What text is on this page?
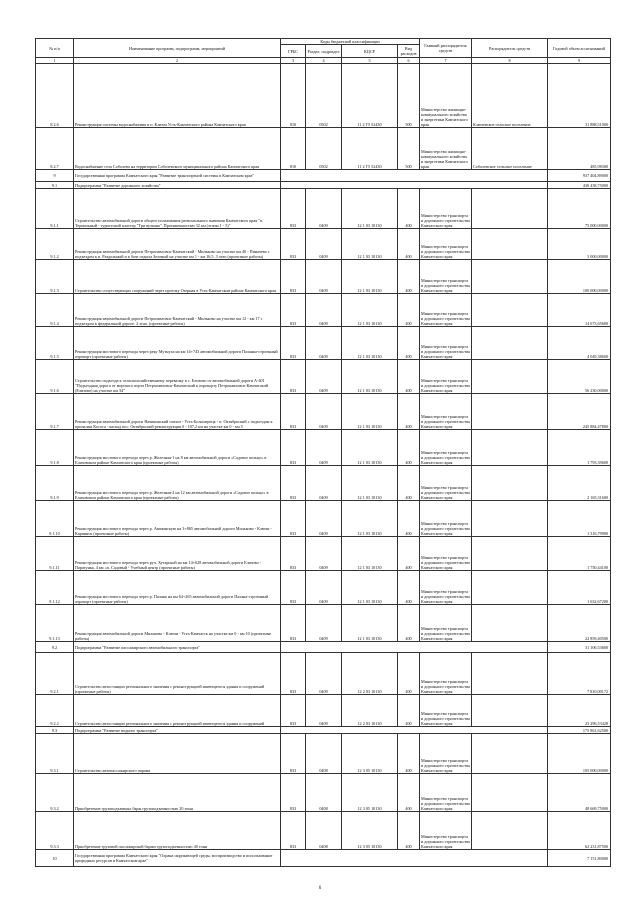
№ п/п	Наименование программ, подпрограмм, мероприятий	Коды бюджетной классификации				Главный распорядитель средств	Распорядитель средств	Годовой объем ассигнований
		ГРБС	Раздел, подраздел	КЦСР	Вид расходов			
1	2	3	4	5	6	7	8	9
8.2.6	Реконструкция системы водоснабжения в п. Ключи Усть-Камчатского района Камчатского края	810	0502	11 2 Г5 52430	500	Министерство жилищно-коммунального хозяйства и энергетики Камчатского края	Ключевское сельское поселение	31 888,51000
8.2.7	Водоснабжение села Соболево на территории Соболевского муниципального района Камчатского края	810	0502	11 2 Г5 52430	500	Министерство жилищно-коммунального хозяйства и энергетики Камчатского края	Соболевское сельское поселение	485,98300
9	Государственная программа Камчатского края "Развитие транспортной системы в Камчатском крае"							937 404,89000
9.1	Подпрограмма "Развитие дорожного хозяйства"							430 438,75000
9.1.1	Строительство автомобильной дороги общего пользования регионального значения Камчатского края "п. Термальный - туристский кластер "Три вулкана". Протяженностью 32 км (этапы 1 - 5)"	833	0409	12 1 03 10130	400	Министерство транспорта и дорожного строительства Камчатского края		75 000,00000
9.1.2	Реконструкция автомобильной дороги Петропавловск-Камчатский - Мильково на участке км 40 - Пиначево с подъездом к п. Раздольный и к базе отдыха Зеленый на участке км 1 - км 16,5. 3 этап (проектные работы)	833	0409	12 1 03 10130	400	Министерство транспорта и дорожного строительства Камчатского края		3 000,00000
9.1.3	Строительство сопутствующих сооружений через протоку Озерная в Усть-Камчатском районе Камчатского края	833	0409	12 1 03 10130	400	Министерство транспорта и дорожного строительства Камчатского края		100 000,00000
9.1.4	Реконструкция автомобильной дороги Петропавловск-Камчатский - Мильково на участке км 12 - км 17 с подъездом к федеральной дороге. 2 этап. (проектные работы)	833	0409	12 1 03 10130	400	Министерство транспорта и дорожного строительства Камчатского края		14 673,65600
9.1.5	Реконструкция мостового перехода через реку Мутнуха на км 14+743 автомобильной дороги Паланка-строенный аэропорт (проектные работы)	833	0409	12 1 03 10130	400	Министерство транспорта и дорожного строительства Камчатского края		4 049,38600
9.1.6	Строительство подъезда к сельскохозяйственному перевалку в с. Елизово от автомобильной дороги А-401 "Подъездная дорога от морского порта Петропавловск-Камчатский к аэропорту Петропавловск-Камчатский (Елизово) на участке км 34"	833	0409	12 1 03 10130	400	Министерство транспорта и дорожного строительства Камчатского края		56 230,00000
9.1.7	Реконструкция автомобильной дороги Начикинский совхоз - Усть-Большерецк - п. Октябрьский с подъездом к причалам Кососа - каскад пос. Октябрьский реконструкция 0 - 107,2 км на участке км 0 - км 5	833	0409	12 1 03 10130	400	Министерство транспорта и дорожного строительства Камчатского края		245 884,47800
9.1.8	Реконструкция мостового перехода через р. Железная-1 на 8 км автомобильной дороги «Садовое кольцо» в Елизовском районе Камчатского края (проектные работы)	833	0409	12 1 03 10130	400	Министерство транспорта и дорожного строительства Камчатского края		1 793,39600
9.1.9	Реконструкция мостового перехода через р. Железная-2 на 12 км автомобильной дороги «Садовое кольцо» в Елизовском районе Камчатского края (проектные работы)	833	0409	12 1 03 10130	400	Министерство транспорта и дорожного строительства Камчатского края		2 165,31600
9.1.10	Реконструкция мостового перехода через р. Авачинскую на 3+865 автомобильной дороги Мильково - Ключи - Карпинск (проектные работы)	833	0409	12 1 03 10130	400	Министерство транспорта и дорожного строительства Камчатского края		1 316,79900
9.1.11	Реконструкция мостового перехода через руч. Хутарской на км 14+628 автомобильной дороги Елизово - Паратунка, 4 км «п. Садовый - Учебный центр (проектные работы)	833	0409	12 1 03 10130	400	Министерство транспорта и дорожного строительства Камчатского края		1 750,44100
9.1.12	Реконструкция мостового перехода через р. Палана на км 64+265 автомобильной дороги Палана-строенный аэропорт (проектные работы)	833	0409	12 1 03 10130	400	Министерство транспорта и дорожного строительства Камчатского края		1 632,67200
9.1.13	Реконструкция автомобильной дороги Мильково - Ключи - Усть-Камчатск на участке км 0 - км 10 (проектные работы)	833	0409	12 1 03 10130	400	Министерство транспорта и дорожного строительства Камчатского края		22 859,40500
9.2	Подпрограмма "Развитие пассажирского автомобильного транспорта"							31 106,53600
9.2.1	Строительство автостанции регионального значения с реконструкцией имеющегося здания и сооружений (проектные работы)	833	0409	12 2 03 10130	400	Министерство транспорта и дорожного строительства Камчатского края		7 810,00172
9.2.2	Строительство автостанции регионального значения с реконструкцией имеющегося здания и сооружений	833	0409	12 2 03 10130	400	Министерство транспорта и дорожного строительства Камчатского края		23 296,53428
9.3	Подпрограмма "Развитие водного транспорта"							175 861,62500
9.3.1	Строительство автопассажирского парома	833	0408	12 3 05 10130	400	Министерство транспорта и дорожного строительства Камчатского края		105 000,00000
9.3.2	Приобретение грузоподъемных барж грузоподъемностью 20 тонн	833	0408	12 3 05 10130	400	Министерство транспорта и дорожного строительства Камчатского края		48 669,75000
9.3.3	Приобретение грузовой пассажирской баржи грузоподъемностью 40 тонн	833	0408	12 3 05 10130	400	Министерство транспорта и дорожного строительства Камчатского края		62 231,87500
10	Государственная программа Камчатского края "Охрана окружающей среды, воспроизводство и использование природных ресурсов в Камчатском крае"							7 151,80000
6
